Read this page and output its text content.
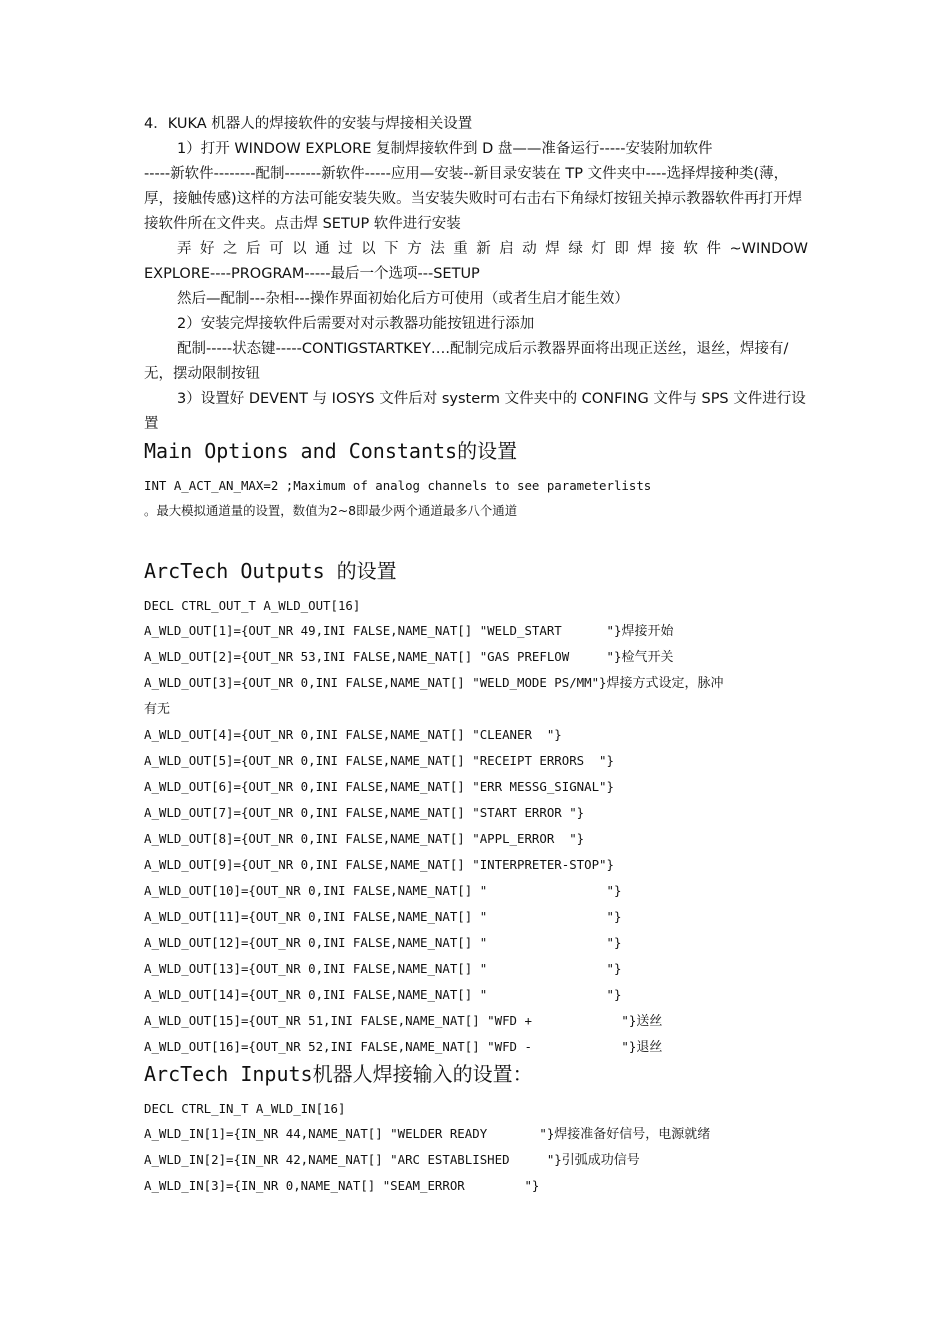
4．KUKA 机器人的焊接软件的安装与焊接相关设置

1）打开 WINDOW EXPLORE 复制焊接软件到 D 盘——准备运行-----安装附加软件

-----新软件--------配制-------新软件-----应用—安装--新目录安装在 TP 文件夹中----选择焊接种类(薄，厚，接触传感)这样的方法可能安装失败。当安装失败时可右击右下角绿灯按钮关掉示教器软件再打开焊接软件所在文件夹。点击焊 SETUP 软件进行安装

弄 好 之 后 可 以 通 过 以 下 方 法 重 新 启 动 焊 绿 灯 即 焊 接 软 件 ~WINDOW

EXPLORE----PROGRAM-----最后一个选项---SETUP

然后—配制---杂相---操作界面初始化后方可使用（或者生启才能生效）

2）安装完焊接软件后需要对对示教器功能按钮进行添加

配制-----状态键-----CONTIGSTARTKEY….配制完成后示教器界面将出现正送丝，退丝，焊接有/无，摆动限制按钮

3）设置好 DEVENT 与 IOSYS 文件后对 systerm 文件夹中的 CONFING 文件与 SPS 文件进行设置

Main Options and Constants的设置

INT A_ACT_AN_MAX=2 ;Maximum of analog channels to see parameterlists

。最大模拟通道量的设置，数值为2~8即最少两个通道最多八个通道

ArcTech Outputs 的设置

DECL CTRL_OUT_T A_WLD_OUT[16]

A_WLD_OUT[1]={OUT_NR 49,INI FALSE,NAME_NAT[] "WELD_START      "}焊接开始

A_WLD_OUT[2]={OUT_NR 53,INI FALSE,NAME_NAT[] "GAS PREFLOW     "}检气开关

A_WLD_OUT[3]={OUT_NR 0,INI FALSE,NAME_NAT[] "WELD_MODE PS/MM"}焊接方式设定，脉冲

有无

A_WLD_OUT[4]={OUT_NR 0,INI FALSE,NAME_NAT[] "CLEANER  "}

A_WLD_OUT[5]={OUT_NR 0,INI FALSE,NAME_NAT[] "RECEIPT ERRORS  "}

A_WLD_OUT[6]={OUT_NR 0,INI FALSE,NAME_NAT[] "ERR MESSG_SIGNAL"}

A_WLD_OUT[7]={OUT_NR 0,INI FALSE,NAME_NAT[] "START ERROR "}

A_WLD_OUT[8]={OUT_NR 0,INI FALSE,NAME_NAT[] "APPL_ERROR  "}

A_WLD_OUT[9]={OUT_NR 0,INI FALSE,NAME_NAT[] "INTERPRETER-STOP"}

A_WLD_OUT[10]={OUT_NR 0,INI FALSE,NAME_NAT[] "                "}

A_WLD_OUT[11]={OUT_NR 0,INI FALSE,NAME_NAT[] "                "}

A_WLD_OUT[12]={OUT_NR 0,INI FALSE,NAME_NAT[] "                "}

A_WLD_OUT[13]={OUT_NR 0,INI FALSE,NAME_NAT[] "                "}

A_WLD_OUT[14]={OUT_NR 0,INI FALSE,NAME_NAT[] "                "}

A_WLD_OUT[15]={OUT_NR 51,INI FALSE,NAME_NAT[] "WFD +            "}送丝

A_WLD_OUT[16]={OUT_NR 52,INI FALSE,NAME_NAT[] "WFD -            "}退丝

ArcTech Inputs机器人焊接输入的设置：

DECL CTRL_IN_T A_WLD_IN[16]

A_WLD_IN[1]={IN_NR 44,NAME_NAT[] "WELDER READY       "}焊接准备好信号，电源就绪

A_WLD_IN[2]={IN_NR 42,NAME_NAT[] "ARC ESTABLISHED     "}引弧成功信号

A_WLD_IN[3]={IN_NR 0,NAME_NAT[] "SEAM_ERROR        "}
